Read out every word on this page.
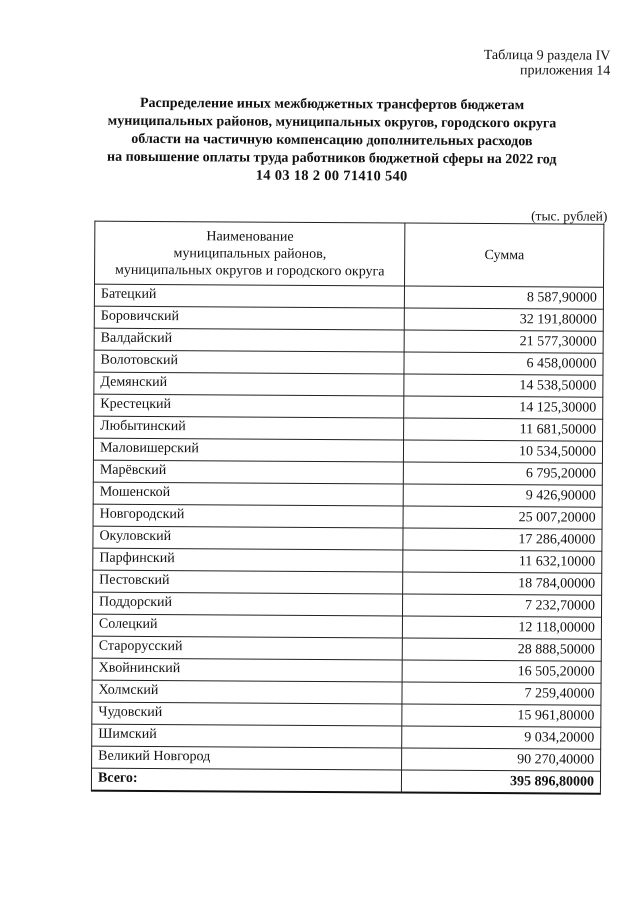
Таблица 9 раздела IV
приложения 14
Распределение иных межбюджетных трансфертов бюджетам
муниципальных районов, муниципальных округов, городского округа
области на частичную компенсацию дополнительных расходов
на повышение оплаты труда работников бюджетной сферы на 2022 год
14 03 18 2 00 71410 540
(тыс. рублей)
Наименование
муниципальных районов,
муниципальных округов и городского округа	Сумма
Батецкий	8 587,90000
Боровичский	32 191,80000
Валдайский	21 577,30000
Волотовский	6 458,00000
Демянский	14 538,50000
Крестецкий	14 125,30000
Любытинский	11 681,50000
Маловишерский	10 534,50000
Марёвский	6 795,20000
Мошенской	9 426,90000
Новгородский	25 007,20000
Окуловский	17 286,40000
Парфинский	11 632,10000
Пестовский	18 784,00000
Поддорский	7 232,70000
Солецкий	12 118,00000
Старорусский	28 888,50000
Хвойнинский	16 505,20000
Холмский	7 259,40000
Чудовский	15 961,80000
Шимский	9 034,20000
Великий Новгород	90 270,40000
Всего:	395 896,80000
